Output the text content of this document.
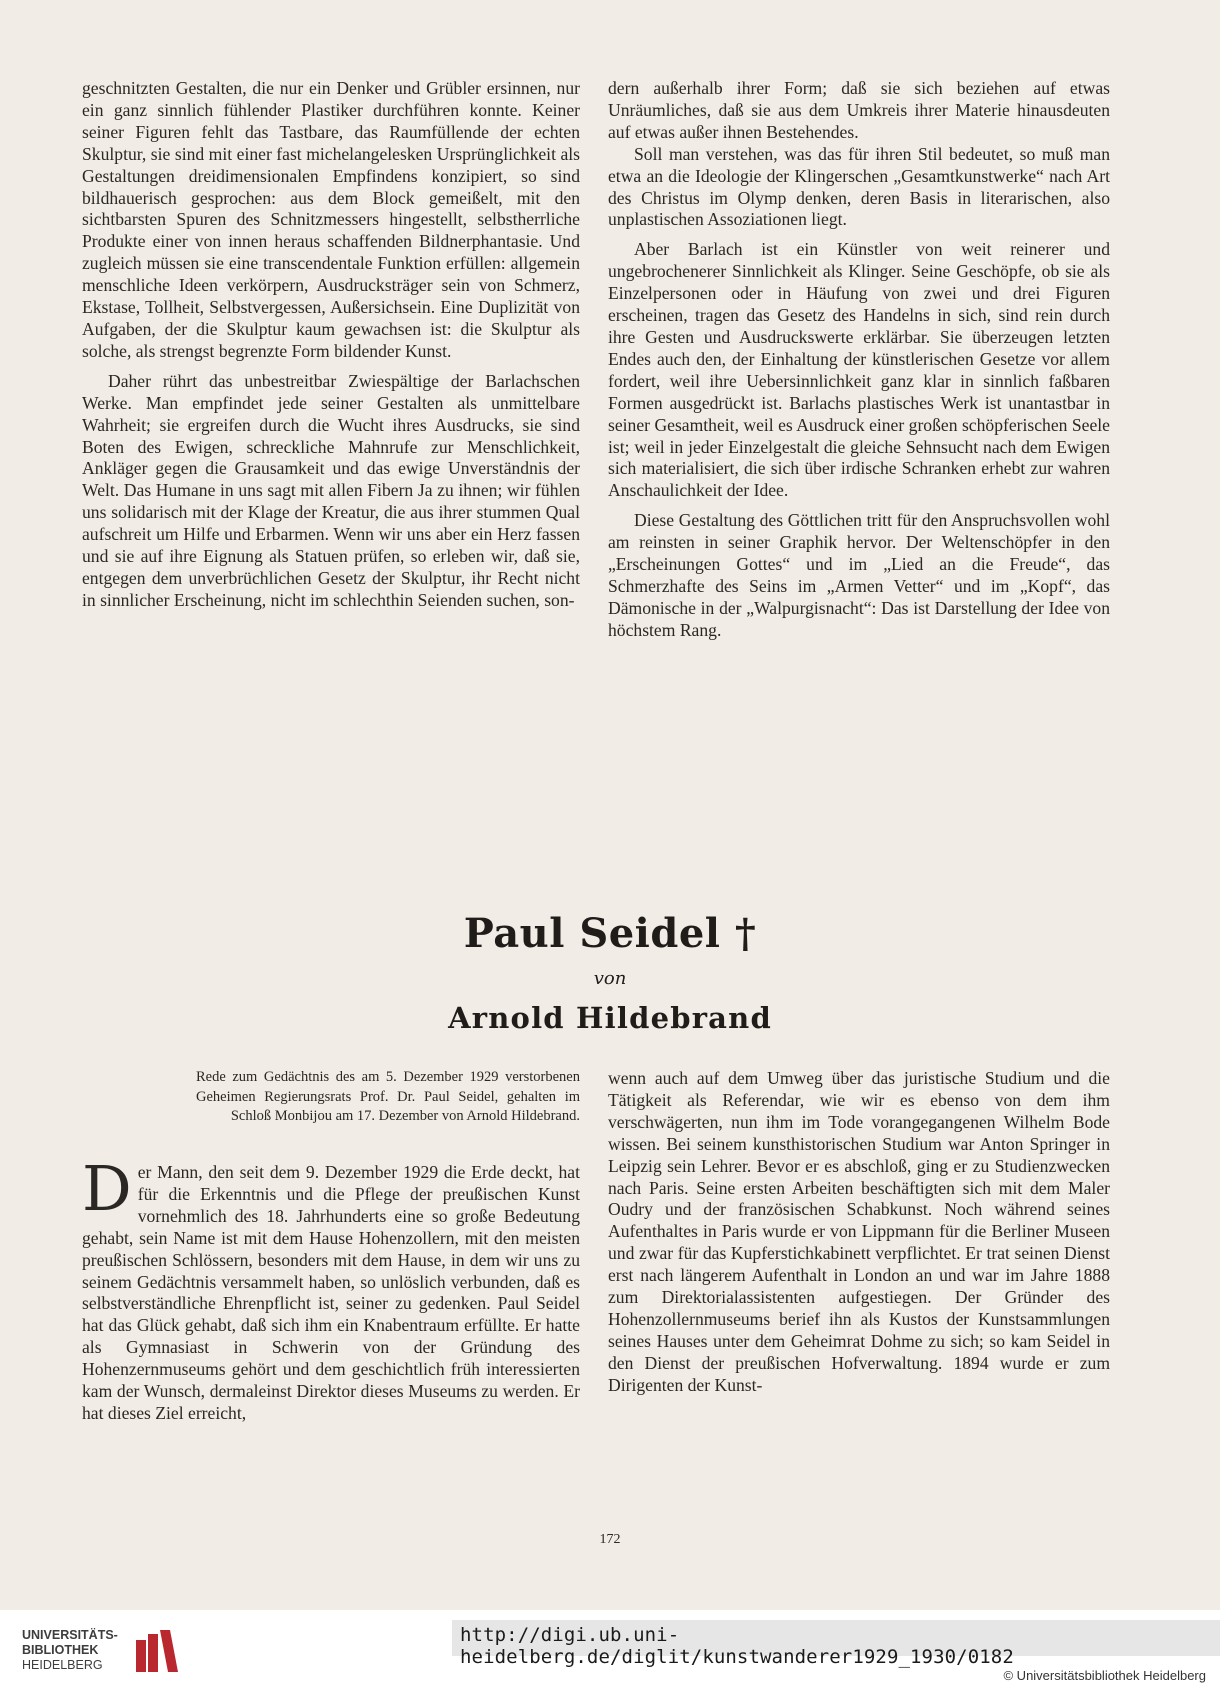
geschnitzten Gestalten, die nur ein Denker und Grübler ersinnen, nur ein ganz sinnlich fühlender Plastiker durchführen konnte. Keiner seiner Figuren fehlt das Tastbare, das Raumfüllende der echten Skulptur, sie sind mit einer fast michelangelesken Ursprünglichkeit als Gestaltungen dreidimensionalen Empfindens konzipiert, so sind bildhauerisch gesprochen: aus dem Block gemeißelt, mit den sichtbarsten Spuren des Schnitzmessers hingestellt, selbstherrliche Produkte einer von innen heraus schaffenden Bildnerphantasie. Und zugleich müssen sie eine transcendentale Funktion erfüllen: allgemein menschliche Ideen verkörpern, Ausdrucksträger sein von Schmerz, Ekstase, Tollheit, Selbstvergessen, Außersichsein. Eine Duplizität von Aufgaben, der die Skulptur kaum gewachsen ist: die Skulptur als solche, als strengst begrenzte Form bildender Kunst.

Daher rührt das unbestreitbar Zwiespältige der Barlachschen Werke. Man empfindet jede seiner Gestalten als unmittelbare Wahrheit; sie ergreifen durch die Wucht ihres Ausdrucks, sie sind Boten des Ewigen, schreckliche Mahnrufe zur Menschlichkeit, Ankläger gegen die Grausamkeit und das ewige Unverständnis der Welt. Das Humane in uns sagt mit allen Fibern Ja zu ihnen; wir fühlen uns solidarisch mit der Klage der Kreatur, die aus ihrer stummen Qual aufschreit um Hilfe und Erbarmen. Wenn wir uns aber ein Herz fassen und sie auf ihre Eignung als Statuen prüfen, so erleben wir, daß sie, entgegen dem unverbrüchlichen Gesetz der Skulptur, ihr Recht nicht in sinnlicher Erscheinung, nicht im schlechthin Seienden suchen, son-

dern außerhalb ihrer Form; daß sie sich beziehen auf etwas Unräumliches, daß sie aus dem Umkreis ihrer Materie hinausdeuten auf etwas außer ihnen Bestehendes.

Soll man verstehen, was das für ihren Stil bedeutet, so muß man etwa an die Ideologie der Klingerschen „Gesamtkunstwerke“ nach Art des Christus im Olymp denken, deren Basis in literarischen, also unplastischen Assoziationen liegt.

Aber Barlach ist ein Künstler von weit reinerer und ungebrochenerer Sinnlichkeit als Klinger. Seine Geschöpfe, ob sie als Einzelpersonen oder in Häufung von zwei und drei Figuren erscheinen, tragen das Gesetz des Handelns in sich, sind rein durch ihre Gesten und Ausdruckswerte erklärbar. Sie überzeugen letzten Endes auch den, der Einhaltung der künstlerischen Gesetze vor allem fordert, weil ihre Uebersinnlichkeit ganz klar in sinnlich faßbaren Formen ausgedrückt ist. Barlachs plastisches Werk ist unantastbar in seiner Gesamtheit, weil es Ausdruck einer großen schöpferischen Seele ist; weil in jeder Einzelgestalt die gleiche Sehnsucht nach dem Ewigen sich materialisiert, die sich über irdische Schranken erhebt zur wahren Anschaulichkeit der Idee.

Diese Gestaltung des Göttlichen tritt für den Anspruchsvollen wohl am reinsten in seiner Graphik hervor. Der Weltenschöpfer in den „Erscheinungen Gottes“ und im „Lied an die Freude“, das Schmerzhafte des Seins im „Armen Vetter“ und im „Kopf“, das Dämonische in der „Walpurgisnacht“: Das ist Darstellung der Idee von höchstem Rang.

Paul Seidel †
von
Arnold Hildebrand
Rede zum Gedächtnis des am 5. Dezember 1929 verstorbenen Geheimen Regierungsrats Prof. Dr. Paul Seidel, gehalten im Schloß Monbijou am 17. Dezember von Arnold Hildebrand.

Der Mann, den seit dem 9. Dezember 1929 die Erde deckt, hat für die Erkenntnis und die Pflege der preußischen Kunst vornehmlich des 18. Jahrhunderts eine so große Bedeutung gehabt, sein Name ist mit dem Hause Hohenzollern, mit den meisten preußischen Schlössern, besonders mit dem Hause, in dem wir uns zu seinem Gedächtnis versammelt haben, so unlöslich verbunden, daß es selbstverständliche Ehrenpflicht ist, seiner zu gedenken. Paul Seidel hat das Glück gehabt, daß sich ihm ein Knabentraum erfüllte. Er hatte als Gymnasiast in Schwerin von der Gründung des Hohenzernmuseums gehört und dem geschichtlich früh interessierten kam der Wunsch, dermaleinst Direktor dieses Museums zu werden. Er hat dieses Ziel erreicht,

wenn auch auf dem Umweg über das juristische Studium und die Tätigkeit als Referendar, wie wir es ebenso von dem ihm verschwägerten, nun ihm im Tode vorangegangenen Wilhelm Bode wissen. Bei seinem kunsthistorischen Studium war Anton Springer in Leipzig sein Lehrer. Bevor er es abschloß, ging er zu Studienzwecken nach Paris. Seine ersten Arbeiten beschäftigten sich mit dem Maler Oudry und der französischen Schabkunst. Noch während seines Aufenthaltes in Paris wurde er von Lippmann für die Berliner Museen und zwar für das Kupferstichkabinett verpflichtet. Er trat seinen Dienst erst nach längerem Aufenthalt in London an und war im Jahre 1888 zum Direktorialassistenten aufgestiegen. Der Gründer des Hohenzollernmuseums berief ihn als Kustos der Kunstsammlungen seines Hauses unter dem Geheimrat Dohme zu sich; so kam Seidel in den Dienst der preußischen Hofverwaltung. 1894 wurde er zum Dirigenten der Kunst-

172
UNIVERSITÄTS-
BIBLIOTHEK
HEIDELBERG
http://digi.ub.uni-heidelberg.de/diglit/kunstwanderer1929_1930/0182
© Universitätsbibliothek Heidelberg
